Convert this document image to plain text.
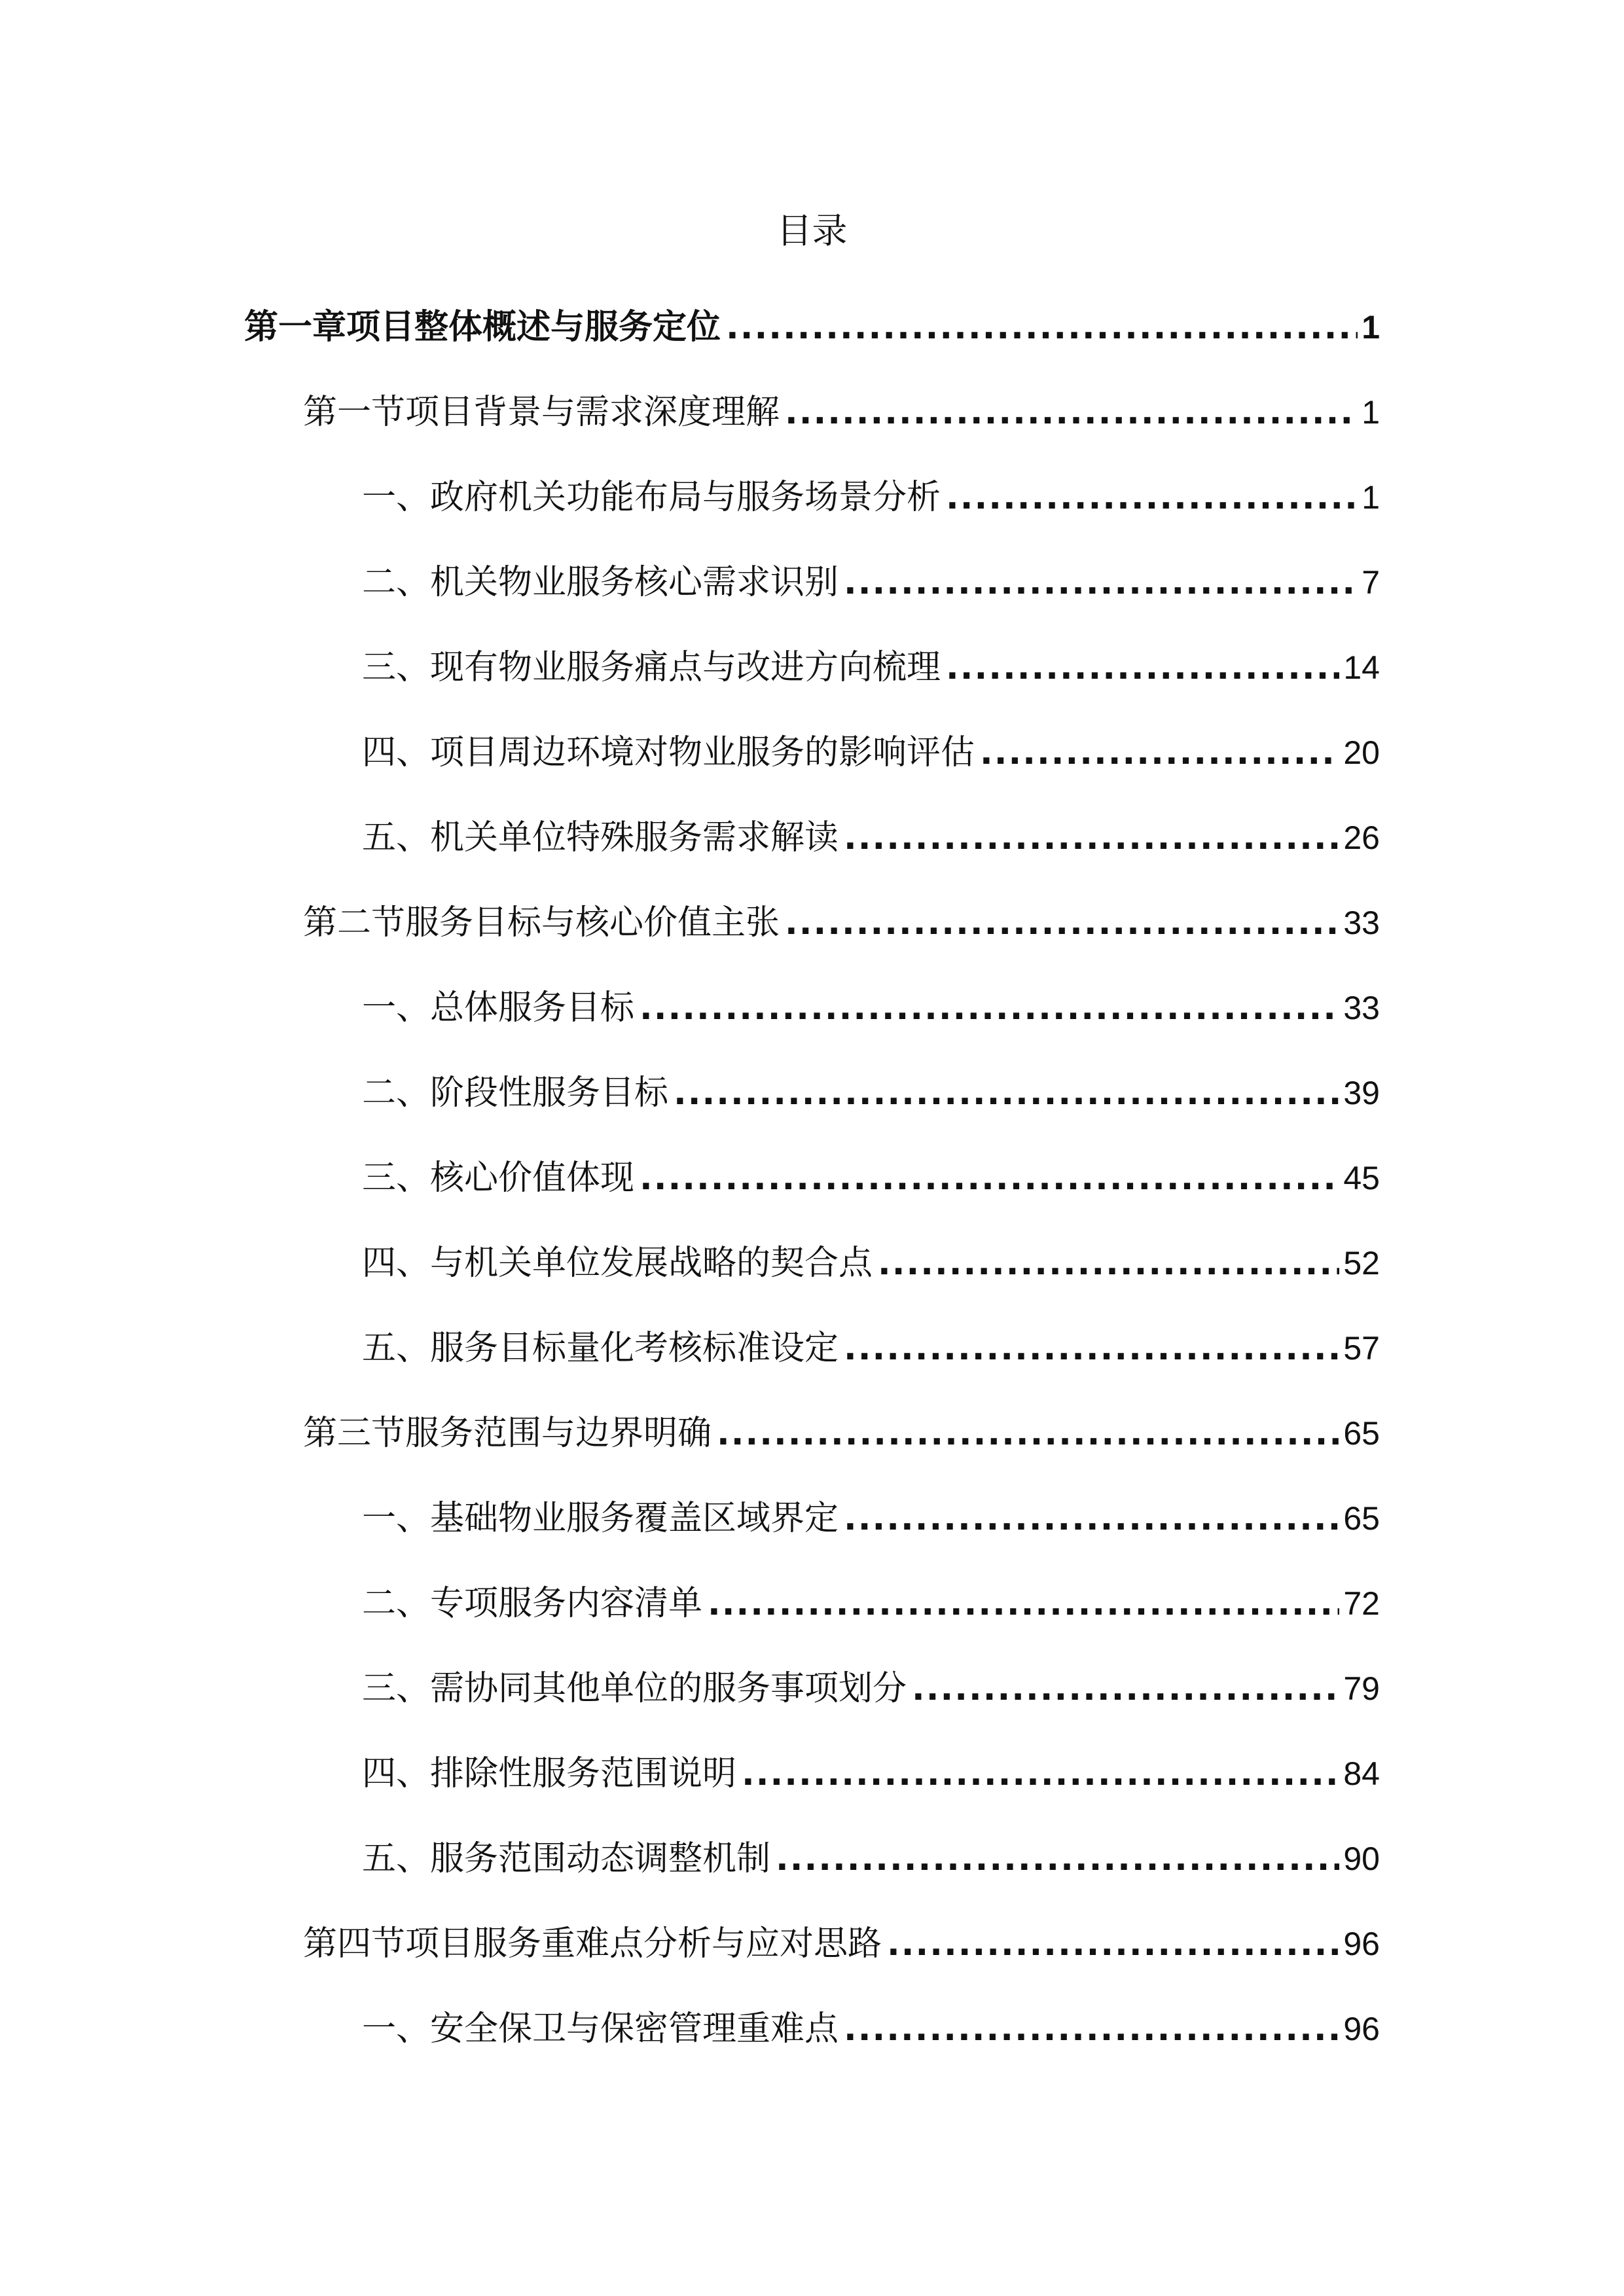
目录
第一章项目整体概述与服务定位 .....	1
第一节项目背景与需求深度理解 .....	1
一、政府机关功能布局与服务场景分析 .....	1
二、机关物业服务核心需求识别 .....	7
三、现有物业服务痛点与改进方向梳理 .....	14
四、项目周边环境对物业服务的影响评估 .....	20
五、机关单位特殊服务需求解读 .....	26
第二节服务目标与核心价值主张 .....	33
一、总体服务目标 .....	33
二、阶段性服务目标 .....	39
三、核心价值体现 .....	45
四、与机关单位发展战略的契合点 .....	52
五、服务目标量化考核标准设定 .....	57
第三节服务范围与边界明确 .....	65
一、基础物业服务覆盖区域界定 .....	65
二、专项服务内容清单 .....	72
三、需协同其他单位的服务事项划分 .....	79
四、排除性服务范围说明 .....	84
五、服务范围动态调整机制 .....	90
第四节项目服务重难点分析与应对思路 .....	96
一、安全保卫与保密管理重难点 .....	96
